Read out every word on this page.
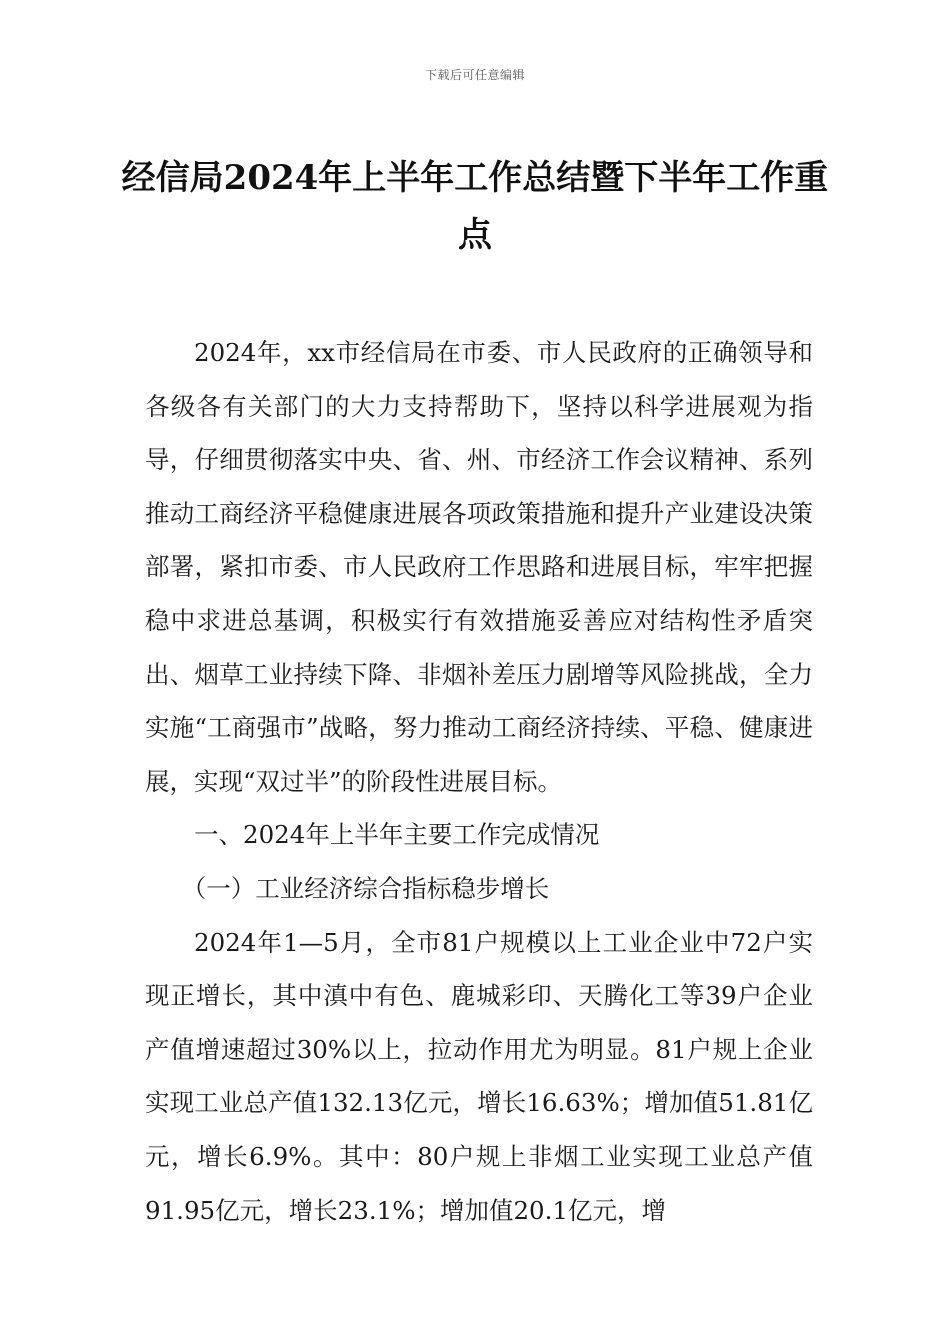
下载后可任意编辑
经信局2024年上半年工作总结暨下半年工作重点

2024年，xx市经信局在市委、市人民政府的正确领导和各级各有关部门的大力支持帮助下，坚持以科学进展观为指导，仔细贯彻落实中央、省、州、市经济工作会议精神、系列推动工商经济平稳健康进展各项政策措施和提升产业建设决策部署，紧扣市委、市人民政府工作思路和进展目标，牢牢把握稳中求进总基调，积极实行有效措施妥善应对结构性矛盾突出、烟草工业持续下降、非烟补差压力剧增等风险挑战，全力实施“工商强市”战略，努力推动工商经济持续、平稳、健康进展，实现“双过半”的阶段性进展目标。

一、2024年上半年主要工作完成情况

（一）工业经济综合指标稳步增长

2024年1—5月，全市81户规模以上工业企业中72户实现正增长，其中滇中有色、鹿城彩印、天腾化工等39户企业产值增速超过30%以上，拉动作用尤为明显。81户规上企业实现工业总产值132.13亿元，增长16.63%；增加值51.81亿元，增长6.9%。其中：80户规上非烟工业实现工业总产值91.95亿元，增长23.1%；增加值20.1亿元，增
